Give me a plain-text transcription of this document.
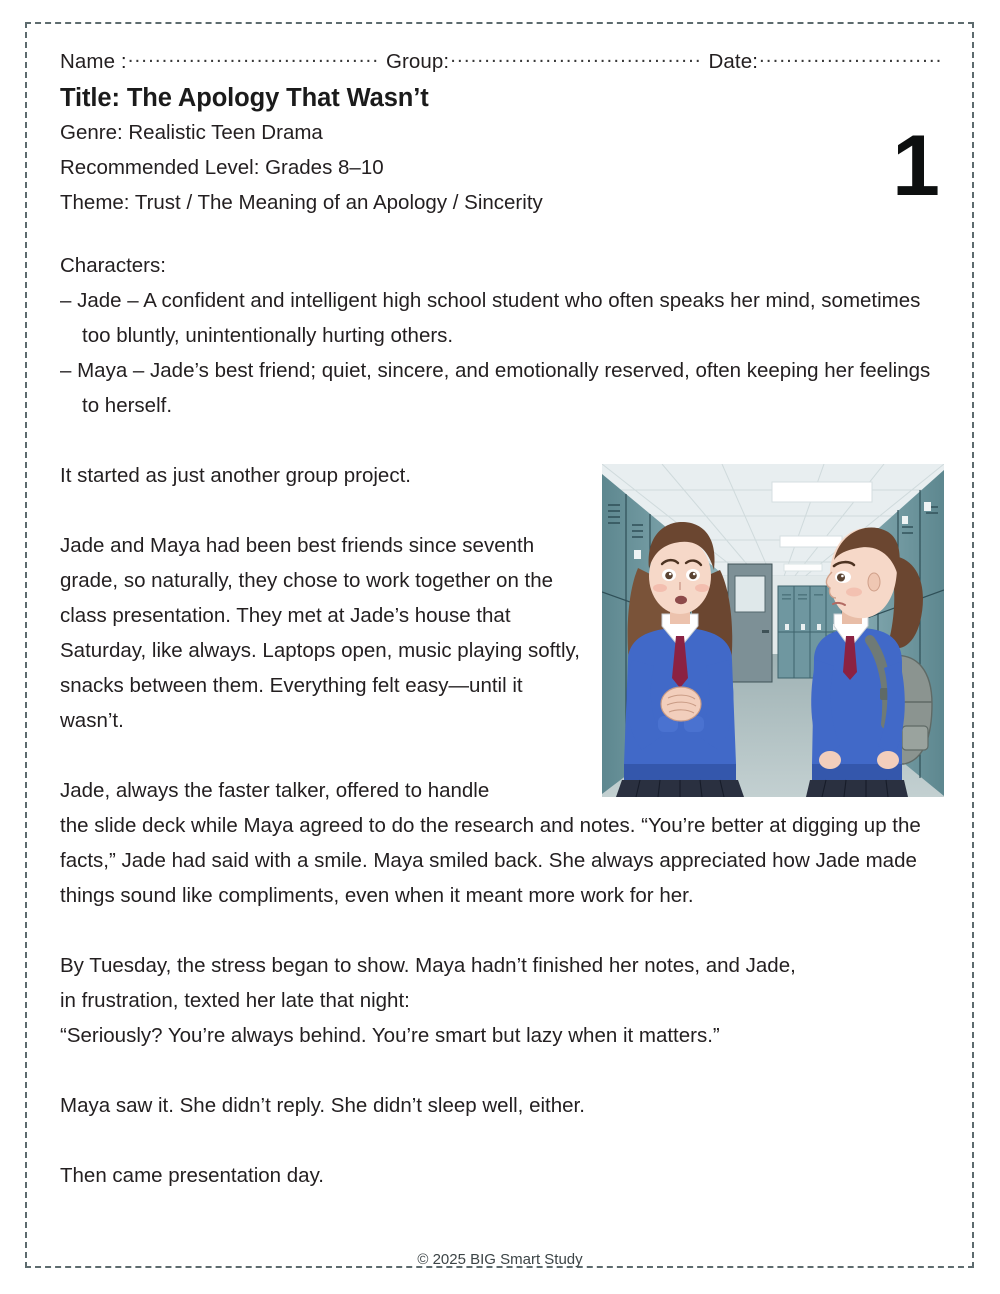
Name : .....	Group: .....	Date:
.....
1
Title: The Apology That Wasn’t
Genre: Realistic Teen Drama
Recommended Level: Grades 8–10
Theme: Trust / The Meaning of an Apology / Sincerity
Characters:
– Jade – A confident and intelligent high school student who often speaks her mind, sometimes too bluntly, unintentionally hurting others.
– Maya – Jade’s best friend; quiet, sincere, and emotionally reserved, often keeping her feelings to herself.
It started as just another group project.
Jade and Maya had been best friends since seventh grade, so naturally, they chose to work together on the class presentation. They met at Jade’s house that Saturday, like always. Laptops open, music playing softly, snacks between them. Everything felt easy—until it wasn’t.
Jade, always the faster talker, offered to handle
the slide deck while Maya agreed to do the research and notes. “You’re better at digging up the facts,” Jade had said with a smile. Maya smiled back. She always appreciated how Jade made things sound like compliments, even when it meant more work for her.
By Tuesday, the stress began to show. Maya hadn’t finished her notes, and Jade,
in frustration, texted her late that night:
“Seriously? You’re always behind. You’re smart but lazy when it matters.”
Maya saw it. She didn’t reply. She didn’t sleep well, either.
Then came presentation day.
© 2025 BIG Smart Study
